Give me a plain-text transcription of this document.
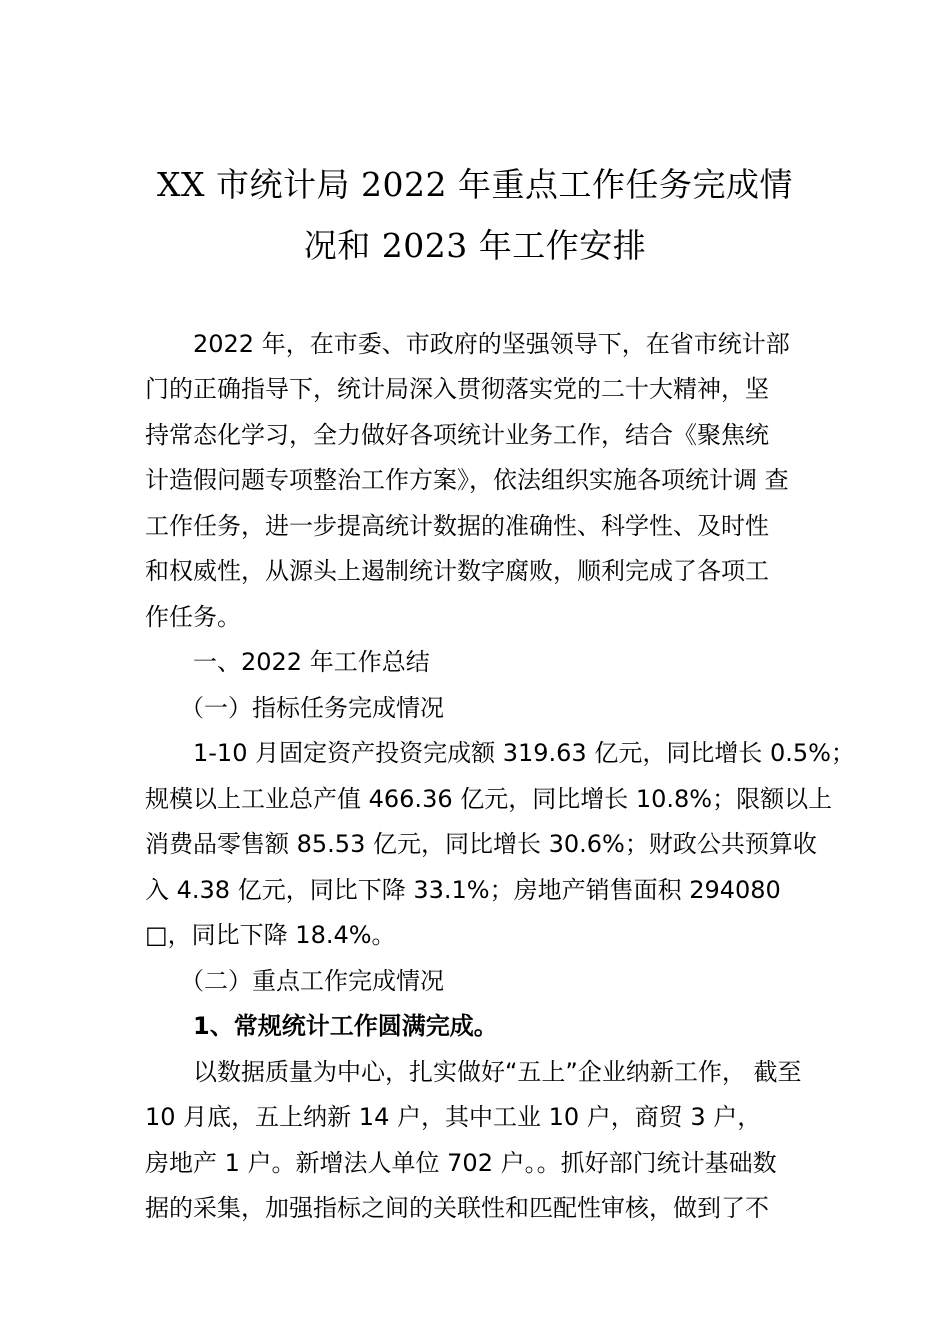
XX 市统计局 2022 年重点工作任务完成情
况和 2023 年工作安排
2022 年，在市委、市政府的坚强领导下，在省市统计部
门的正确指导下，统计局深入贯彻落实党的二十大精神，坚
持常态化学习，全力做好各项统计业务工作，结合《聚焦统
计造假问题专项整治工作方案》，依法组织实施各项统计调 查
工作任务，进一步提高统计数据的准确性、科学性、及时性
和权威性，从源头上遏制统计数字腐败，顺利完成了各项工
作任务。
一、2022 年工作总结
（一）指标任务完成情况
1-10 月固定资产投资完成额 319.63 亿元，同比增长 0.5%；
规模以上工业总产值 466.36 亿元，同比增长 10.8%；限额以上
消费品零售额 85.53 亿元，同比增长 30.6%；财政公共预算收
入 4.38 亿元，同比下降 33.1%；房地产销售面积 294080
□，同比下降 18.4%。
（二）重点工作完成情况
1、常规统计工作圆满完成。
以数据质量为中心，扎实做好“五上”企业纳新工作， 截至
10 月底，五上纳新 14 户，其中工业 10 户，商贸 3 户，
房地产 1 户。新增法人单位 702 户。。抓好部门统计基础数
据的采集，加强指标之间的关联性和匹配性审核，做到了不
